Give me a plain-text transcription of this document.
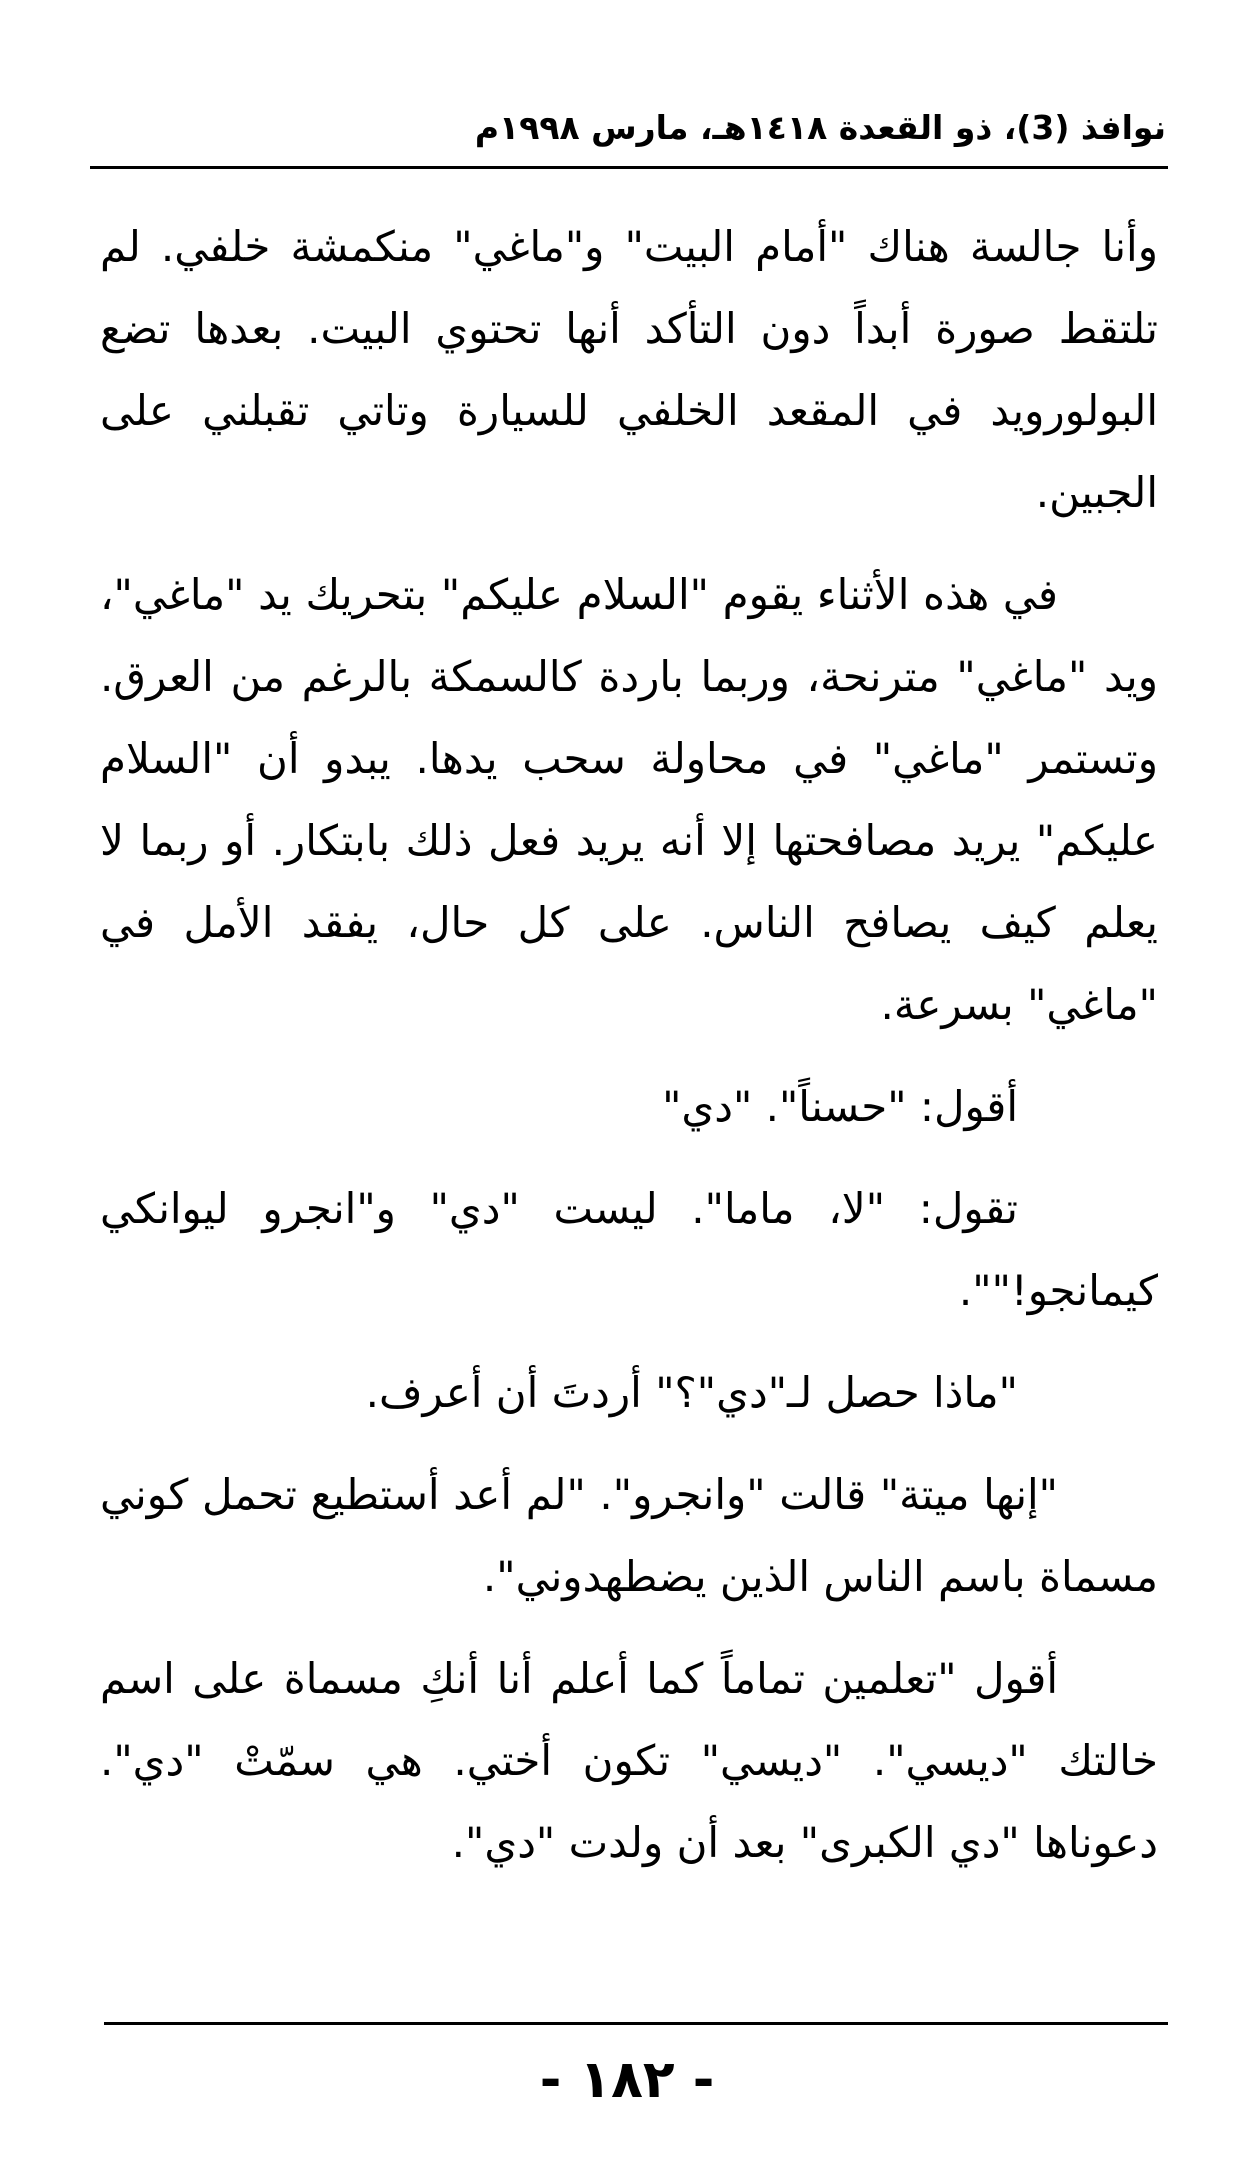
نوافذ (3)، ذو القعدة ١٤١٨هـ، مارس ١٩٩٨م

وأنا جالسة هناك "أمام البيت" و"ماغي" منكمشة خلفي. لم تلتقط صورة أبداً دون التأكد أنها تحتوي البيت. بعدها تضع البولورويد في المقعد الخلفي للسيارة وتاتي تقبلني على الجبين.

في هذه الأثناء يقوم "السلام عليكم" بتحريك يد "ماغي"، ويد "ماغي" مترنحة، وربما باردة كالسمكة بالرغم من العرق. وتستمر "ماغي" في محاولة سحب يدها. يبدو أن "السلام عليكم" يريد مصافحتها إلا أنه يريد فعل ذلك بابتكار. أو ربما لا يعلم كيف يصافح الناس. على كل حال، يفقد الأمل في "ماغي" بسرعة.

أقول: "حسناً". "دي"

تقول: "لا، ماما". ليست "دي" و"انجرو ليوانكي كيمانجو!"".

"ماذا حصل لـ"دي"؟" أردتَ أن أعرف.

"إنها ميتة" قالت "وانجرو". "لم أعد أستطيع تحمل كوني مسماة باسم الناس الذين يضطهدوني".

أقول "تعلمين تماماً كما أعلم أنا أنكِ مسماة على اسم خالتك "ديسي". "ديسي" تكون أختي. هي سمّتْ "دي". دعوناها "دي الكبرى" بعد أن ولدت "دي".

- ١٨٢ -
